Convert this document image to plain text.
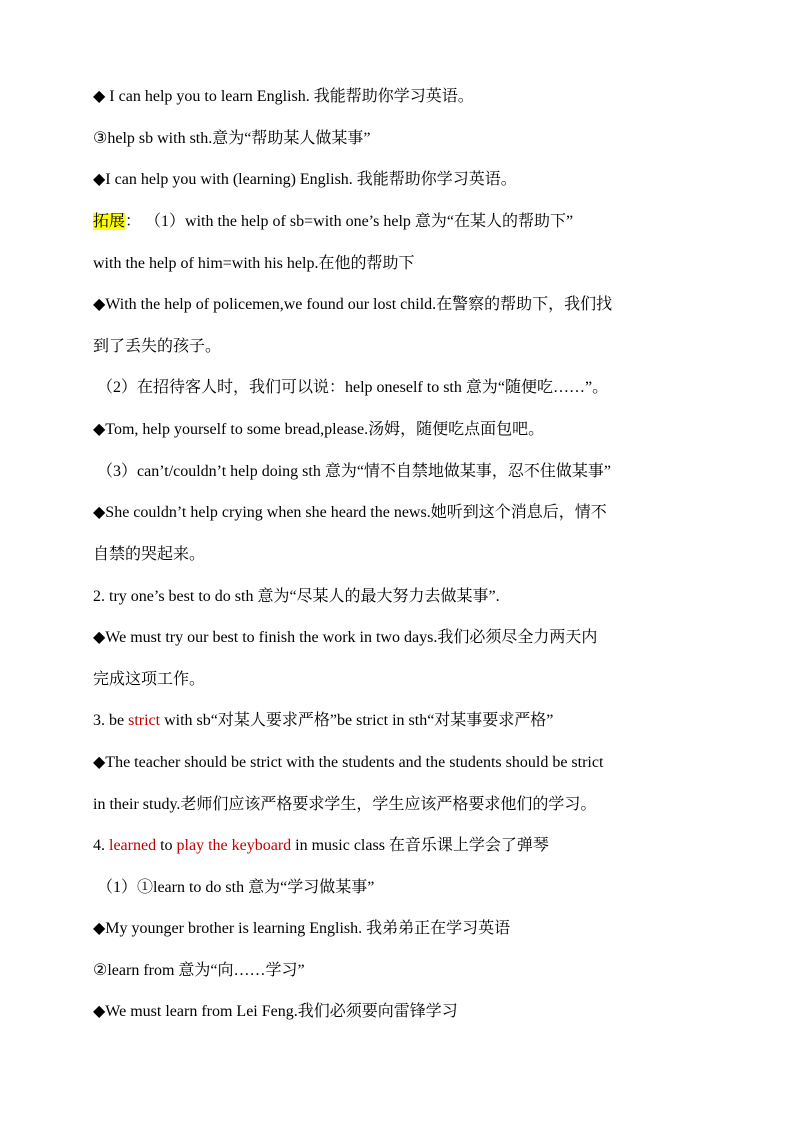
◆ I can help you to learn English. 我能帮助你学习英语。
③help sb with sth.意为“帮助某人做某事”
◆I can help you with (learning) English. 我能帮助你学习英语。
拓展： （1）with the help of sb=with one’s help 意为“在某人的帮助下”
with the help of him=with his help.在他的帮助下
◆With the help of policemen,we found our lost child.在警察的帮助下，我们找
到了丢失的孩子。
（2）在招待客人时，我们可以说：help oneself to sth 意为“随便吃……”。
◆Tom, help yourself to some bread,please.汤姆，随便吃点面包吧。
（3）can’t/couldn’t help doing sth 意为“情不自禁地做某事，忍不住做某事”
◆She couldn’t help crying when she heard the news.她听到这个消息后，情不
自禁的哭起来。
2. try one’s best to do sth 意为“尽某人的最大努力去做某事”.
◆We must try our best to finish the work in two days.我们必须尽全力两天内
完成这项工作。
3. be strict with sb“对某人要求严格”be strict in sth“对某事要求严格”
◆The teacher should be strict with the students and the students should be strict
in their study.老师们应该严格要求学生，学生应该严格要求他们的学习。
4. learned to play the keyboard in music class 在音乐课上学会了弹琴
（1）①learn to do sth 意为“学习做某事”
◆My younger brother is learning English. 我弟弟正在学习英语
②learn from 意为“向……学习”
◆We must learn from Lei Feng.我们必须要向雷锋学习
